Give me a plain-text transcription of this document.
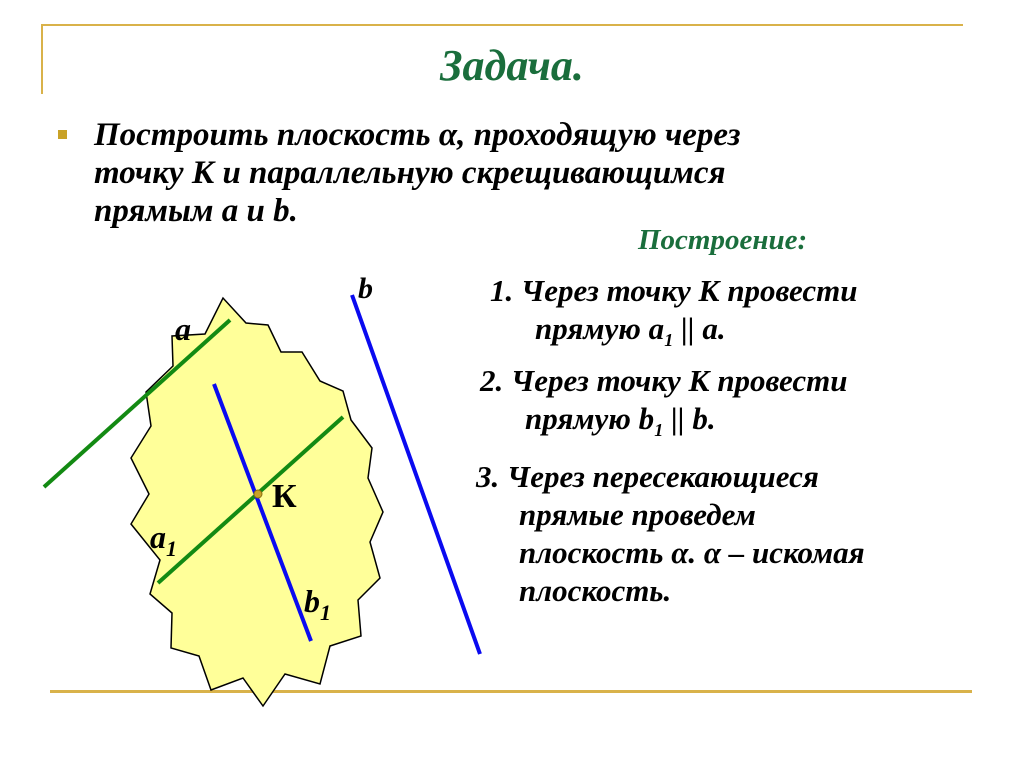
Задача.
Построить плоскость α, проходящую через
точку К и параллельную скрещивающимся
прямым a и b.
Построение:
1. Через точку К провести
прямую $a_1$ || a.
2. Через точку К провести
прямую $b_1$ || b.
3. Через пересекающиеся
прямые проведем
плоскость α. α – искомая
плоскость.
a
b
К
$a_1$
$b_1$
